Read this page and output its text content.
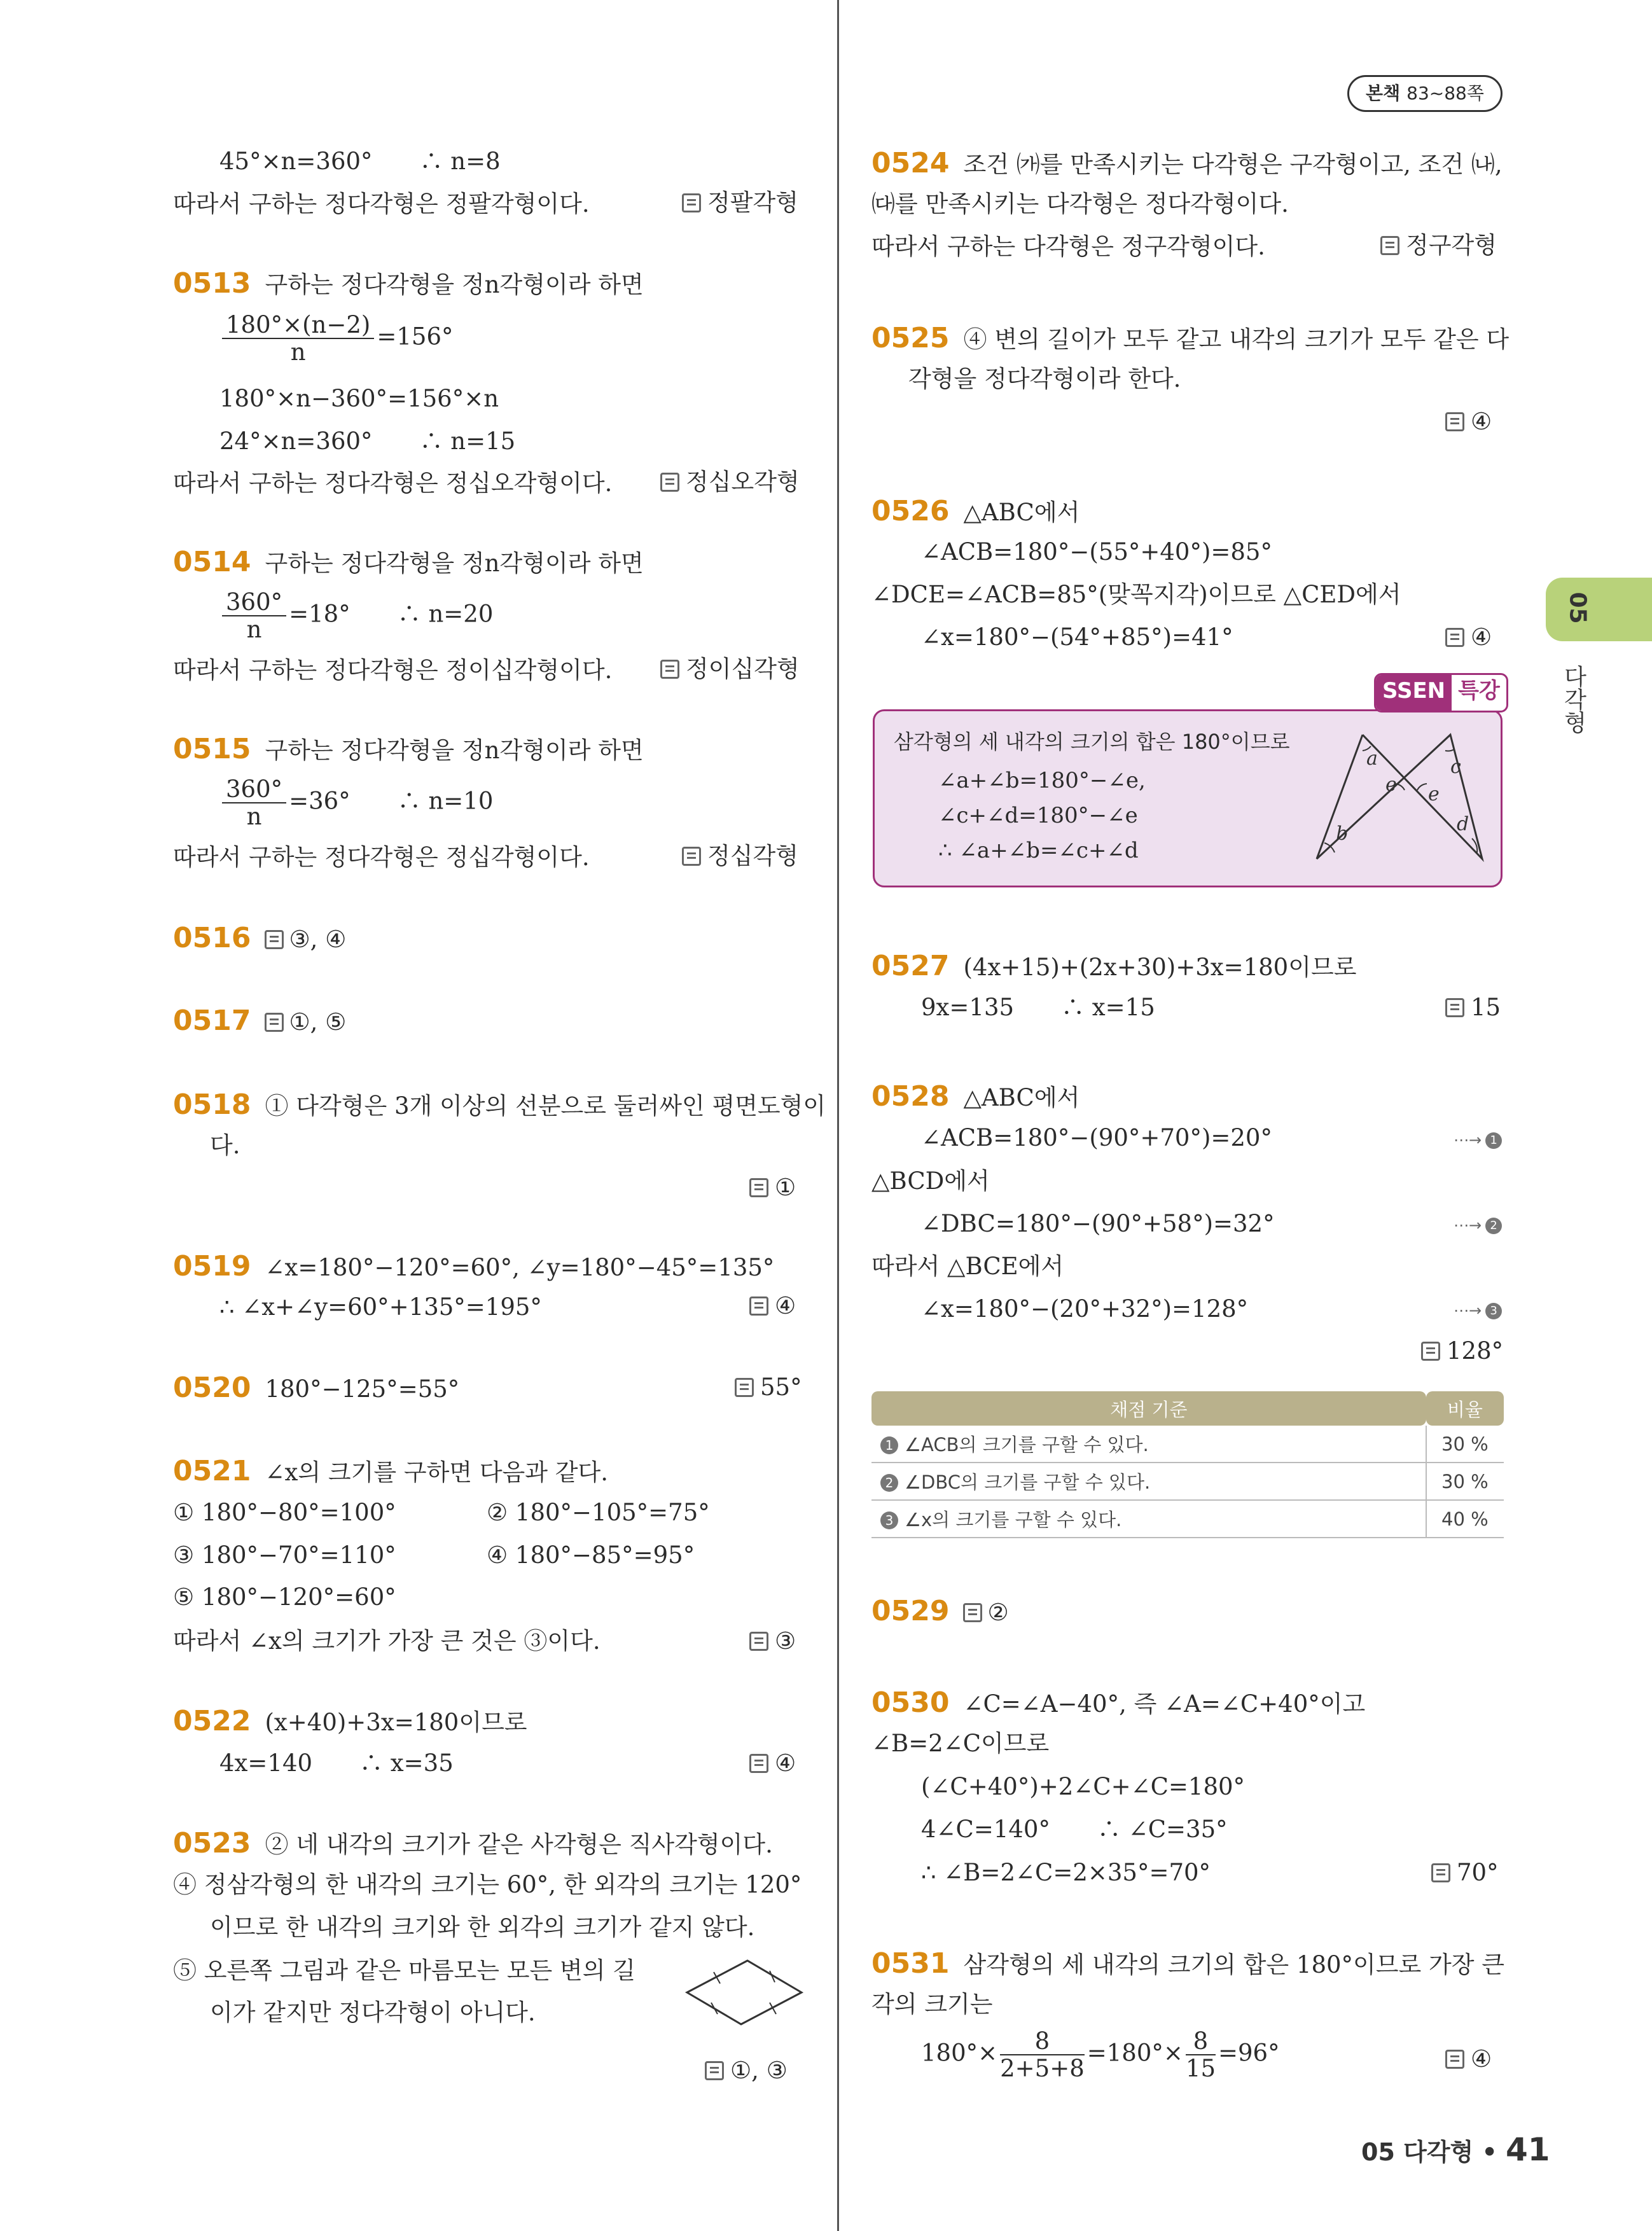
본책 83~88쪽
05
다각형
45°×n=360°　　∴ n=8
따라서 구하는 정다각형은 정팔각형이다.	정팔각형
0513 구하는 정다각형을 정n각형이라 하면
$\frac{180^\circ\times(n-2)}{n} =156^\circ$
180°×n−360°=156°×n
24°×n=360°　　∴ n=15
따라서 구하는 정다각형은 정십오각형이다.	정십오각형
0514 구하는 정다각형을 정n각형이라 하면
$\frac{360^\circ}{n} =18^\circ$　　∴ n=20
따라서 구하는 정다각형은 정이십각형이다.	정이십각형
0515 구하는 정다각형을 정n각형이라 하면
$\frac{360^\circ}{n} =36^\circ$　　∴ n=10
따라서 구하는 정다각형은 정십각형이다.	정십각형
0516 ③, ④
0517 ①, ⑤
0518 ① 다각형은 3개 이상의 선분으로 둘러싸인 평면도형이
다.
①
0519 ∠x=180°−120°=60°, ∠y=180°−45°=135°
∴ ∠x+∠y=60°+135°=195°	④
0520 180°−125°=55°	55°
0521 ∠x의 크기를 구하면 다음과 같다.
① 180°−80°=100°	② 180°−105°=75°
③ 180°−70°=110°	④ 180°−85°=95°
⑤ 180°−120°=60°
따라서 ∠x의 크기가 가장 큰 것은 ③이다.	③
0522 (x+40)+3x=180이므로
4x=140　　∴ x=35	④
0523 ② 네 내각의 크기가 같은 사각형은 직사각형이다.
④ 정삼각형의 한 내각의 크기는 60°, 한 외각의 크기는 120°
이므로 한 내각의 크기와 한 외각의 크기가 같지 않다.
⑤ 오른쪽 그림과 같은 마름모는 모든 변의 길
이가 같지만 정다각형이 아니다.
①, ③
0524 조건 ㈎를 만족시키는 다각형은 구각형이고, 조건 ㈏,
㈐를 만족시키는 다각형은 정다각형이다.
따라서 구하는 다각형은 정구각형이다.	정구각형
0525 ④ 변의 길이가 모두 같고 내각의 크기가 모두 같은 다
각형을 정다각형이라 한다.
④
0526 △ABC에서
∠ACB=180°−(55°+40°)=85°
∠DCE=∠ACB=85°(맞꼭지각)이므로 △CED에서
∠x=180°−(54°+85°)=41°	④
SSEN 특강
삼각형의 세 내각의 크기의 합은 180°이므로
∠a+∠b=180°−∠e,
∠c+∠d=180°−∠e
∴ ∠a+∠b=∠c+∠d
a
b
c
d
e e
0527 (4x+15)+(2x+30)+3x=180이므로
9x=135　　∴ x=15	15
0528 △ABC에서
∠ACB=180°−(90°+70°)=20°	⋯→ 1
△BCD에서
∠DBC=180°−(90°+58°)=32°	⋯→ 2
따라서 △BCE에서
∠x=180°−(20°+32°)=128°	⋯→ 3
128°
채점 기준	비율
1 ∠ACB의 크기를 구할 수 있다.	30 %
2 ∠DBC의 크기를 구할 수 있다.	30 %
3 ∠x의 크기를 구할 수 있다.	40 %
0529 ②
0530 ∠C=∠A−40°, 즉 ∠A=∠C+40°이고
∠B=2∠C이므로
(∠C+40°)+2∠C+∠C=180°
4∠C=140°　　∴ ∠C=35°
∴ ∠B=2∠C=2×35°=70°	70°
0531 삼각형의 세 내각의 크기의 합은 180°이므로 가장 큰
각의 크기는
$180^\circ\times \frac{8}{2+5+8} =180^\circ\times \frac{8}{15} =96^\circ$	④
05 다각형 • 41
